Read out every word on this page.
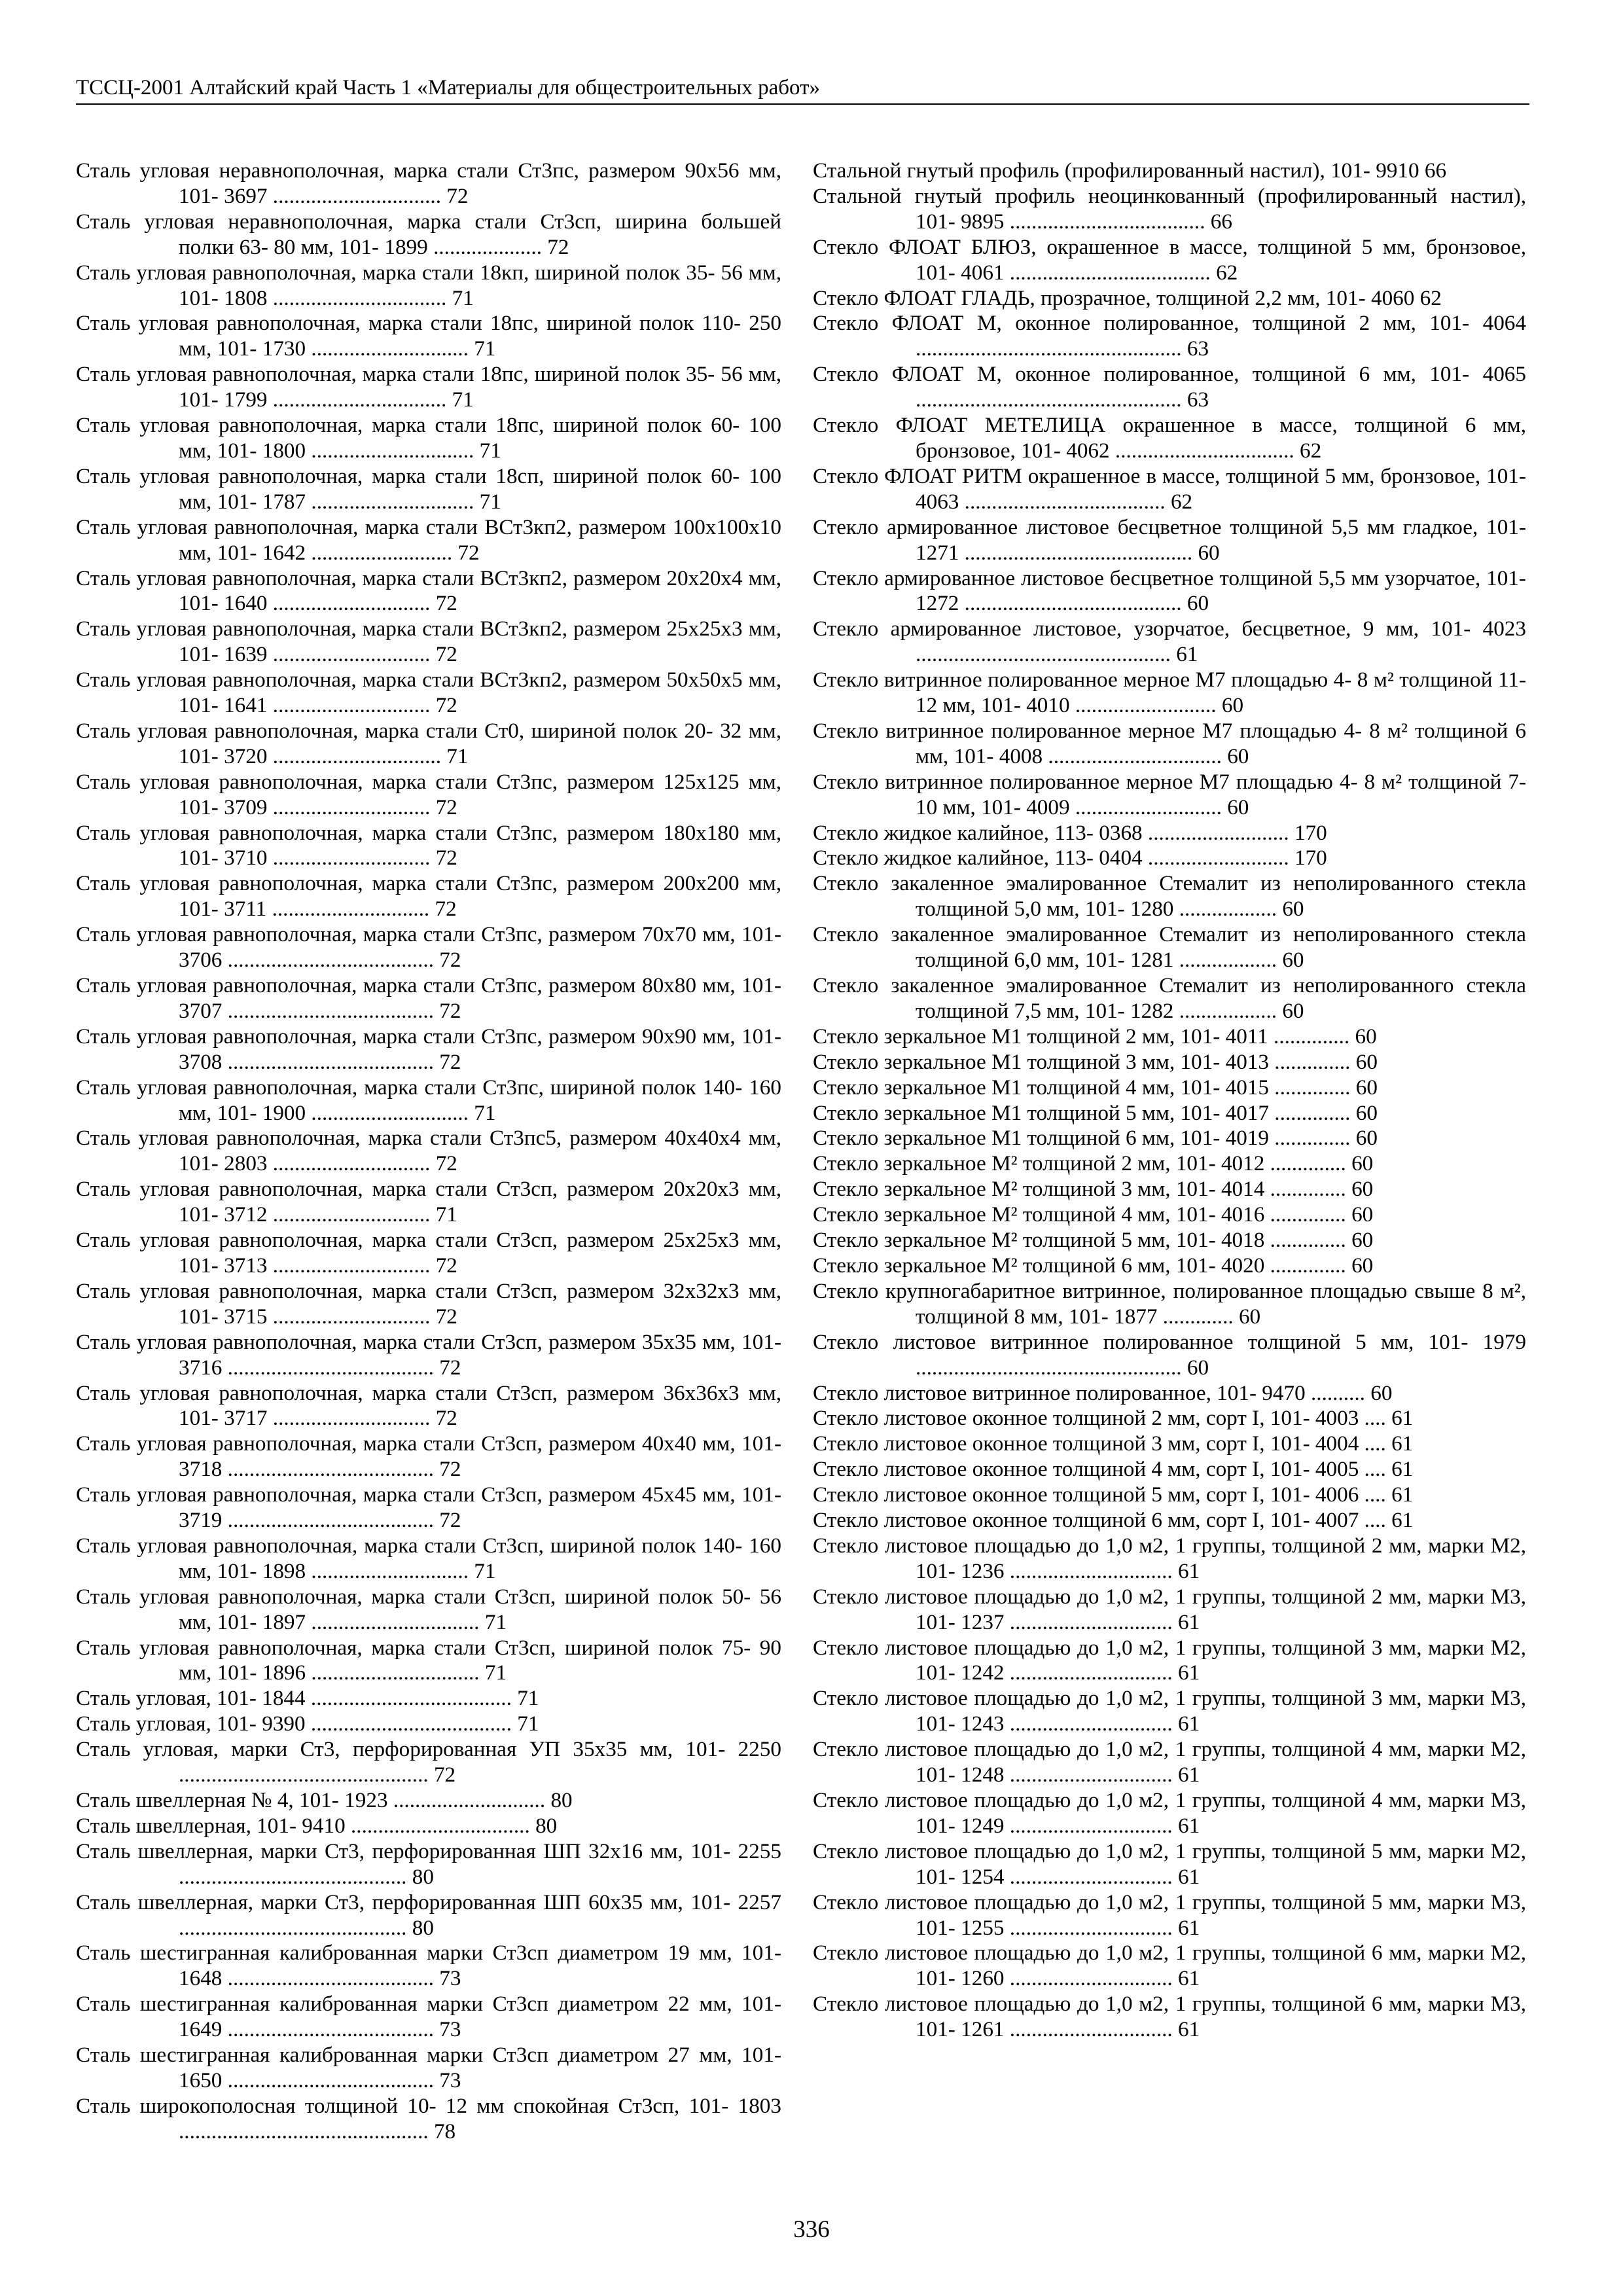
ТССЦ-2001 Алтайский край Часть 1 «Материалы для общестроительных работ»
Сталь угловая неравнополочная, марка стали Ст3пс, размером 90х56 мм, 101- 3697 ............................... 72
Сталь угловая неравнополочная, марка стали Ст3сп, ширина большей полки 63- 80 мм, 101- 1899 .................... 72
Сталь угловая равнополочная, марка стали 18кп, шириной полок 35- 56 мм, 101- 1808 ................................ 71
Сталь угловая равнополочная, марка стали 18пс, шириной полок 110- 250 мм, 101- 1730 ............................. 71
Сталь угловая равнополочная, марка стали 18пс, шириной полок 35- 56 мм, 101- 1799 ................................ 71
Сталь угловая равнополочная, марка стали 18пс, шириной полок 60- 100 мм, 101- 1800 .............................. 71
Сталь угловая равнополочная, марка стали 18сп, шириной полок 60- 100 мм, 101- 1787 .............................. 71
Сталь угловая равнополочная, марка стали ВСт3кп2, размером 100х100х10 мм, 101- 1642 .......................... 72
Сталь угловая равнополочная, марка стали ВСт3кп2, размером 20х20х4 мм, 101- 1640 ............................. 72
Сталь угловая равнополочная, марка стали ВСт3кп2, размером 25х25х3 мм, 101- 1639 ............................. 72
Сталь угловая равнополочная, марка стали ВСт3кп2, размером 50х50х5 мм, 101- 1641 ............................. 72
Сталь угловая равнополочная, марка стали Ст0, шириной полок 20- 32 мм, 101- 3720 ............................... 71
Сталь угловая равнополочная, марка стали Ст3пс, размером 125х125 мм, 101- 3709 ............................. 72
Сталь угловая равнополочная, марка стали Ст3пс, размером 180х180 мм, 101- 3710 ............................. 72
Сталь угловая равнополочная, марка стали Ст3пс, размером 200х200 мм, 101- 3711 ............................. 72
Сталь угловая равнополочная, марка стали Ст3пс, размером 70х70 мм, 101- 3706 ...................................... 72
Сталь угловая равнополочная, марка стали Ст3пс, размером 80х80 мм, 101- 3707 ...................................... 72
Сталь угловая равнополочная, марка стали Ст3пс, размером 90х90 мм, 101- 3708 ...................................... 72
Сталь угловая равнополочная, марка стали Ст3пс, шириной полок 140- 160 мм, 101- 1900 ............................. 71
Сталь угловая равнополочная, марка стали Ст3пс5, размером 40х40х4 мм, 101- 2803 ............................. 72
Сталь угловая равнополочная, марка стали Ст3сп, размером 20х20х3 мм, 101- 3712 ............................. 71
Сталь угловая равнополочная, марка стали Ст3сп, размером 25х25х3 мм, 101- 3713 ............................. 72
Сталь угловая равнополочная, марка стали Ст3сп, размером 32х32х3 мм, 101- 3715 ............................. 72
Сталь угловая равнополочная, марка стали Ст3сп, размером 35х35 мм, 101- 3716 ...................................... 72
Сталь угловая равнополочная, марка стали Ст3сп, размером 36х36х3 мм, 101- 3717 ............................. 72
Сталь угловая равнополочная, марка стали Ст3сп, размером 40х40 мм, 101- 3718 ...................................... 72
Сталь угловая равнополочная, марка стали Ст3сп, размером 45х45 мм, 101- 3719 ...................................... 72
Сталь угловая равнополочная, марка стали Ст3сп, шириной полок 140- 160 мм, 101- 1898 ............................. 71
Сталь угловая равнополочная, марка стали Ст3сп, шириной полок 50- 56 мм, 101- 1897 ............................... 71
Сталь угловая равнополочная, марка стали Ст3сп, шириной полок 75- 90 мм, 101- 1896 ............................... 71
Сталь угловая, 101- 1844 ..................................... 71
Сталь угловая, 101- 9390 ..................................... 71
Сталь угловая, марки Ст3, перфорированная УП 35х35 мм, 101- 2250 .............................................. 72
Сталь швеллерная № 4, 101- 1923 ............................ 80
Сталь швеллерная, 101- 9410 ................................. 80
Сталь швеллерная, марки Ст3, перфорированная ШП 32х16 мм, 101- 2255 .......................................... 80
Сталь швеллерная, марки Ст3, перфорированная ШП 60х35 мм, 101- 2257 .......................................... 80
Сталь шестигранная калиброванная марки Ст3сп диаметром 19 мм, 101- 1648 ...................................... 73
Сталь шестигранная калиброванная марки Ст3сп диаметром 22 мм, 101- 1649 ...................................... 73
Сталь шестигранная калиброванная марки Ст3сп диаметром 27 мм, 101- 1650 ...................................... 73
Сталь широкополосная толщиной 10- 12 мм спокойная Ст3сп, 101- 1803 .............................................. 78
Стальной гнутый профиль (профилированный настил), 101- 9910 66
Стальной гнутый профиль неоцинкованный (профилированный настил), 101- 9895 .................................... 66
Стекло ФЛОАТ БЛЮЗ, окрашенное в массе, толщиной 5 мм, бронзовое, 101- 4061 ..................................... 62
Стекло ФЛОАТ ГЛАДЬ, прозрачное, толщиной 2,2 мм, 101- 4060 62
Стекло ФЛОАТ М, оконное полированное, толщиной 2 мм, 101- 4064 ................................................. 63
Стекло ФЛОАТ М, оконное полированное, толщиной 6 мм, 101- 4065 ................................................. 63
Стекло ФЛОАТ МЕТЕЛИЦА окрашенное в массе, толщиной 6 мм, бронзовое, 101- 4062 ................................. 62
Стекло ФЛОАТ РИТМ окрашенное в массе, толщиной 5 мм, бронзовое, 101- 4063 ..................................... 62
Стекло армированное листовое бесцветное толщиной 5,5 мм гладкое, 101- 1271 .......................................... 60
Стекло армированное листовое бесцветное толщиной 5,5 мм узорчатое, 101- 1272 ........................................ 60
Стекло армированное листовое, узорчатое, бесцветное, 9 мм, 101- 4023 ............................................... 61
Стекло витринное полированное мерное М7 площадью 4- 8 м² толщиной 11- 12 мм, 101- 4010 .......................... 60
Стекло витринное полированное мерное М7 площадью 4- 8 м² толщиной 6 мм, 101- 4008 ................................ 60
Стекло витринное полированное мерное М7 площадью 4- 8 м² толщиной 7- 10 мм, 101- 4009 ........................... 60
Стекло жидкое калийное, 113- 0368 .......................... 170
Стекло жидкое калийное, 113- 0404 .......................... 170
Стекло закаленное эмалированное Стемалит из неполированного стекла толщиной 5,0 мм, 101- 1280 .................. 60
Стекло закаленное эмалированное Стемалит из неполированного стекла толщиной 6,0 мм, 101- 1281 .................. 60
Стекло закаленное эмалированное Стемалит из неполированного стекла толщиной 7,5 мм, 101- 1282 .................. 60
Стекло зеркальное М1 толщиной 2 мм, 101- 4011 .............. 60
Стекло зеркальное М1 толщиной 3 мм, 101- 4013 .............. 60
Стекло зеркальное М1 толщиной 4 мм, 101- 4015 .............. 60
Стекло зеркальное М1 толщиной 5 мм, 101- 4017 .............. 60
Стекло зеркальное М1 толщиной 6 мм, 101- 4019 .............. 60
Стекло зеркальное М² толщиной 2 мм, 101- 4012 .............. 60
Стекло зеркальное М² толщиной 3 мм, 101- 4014 .............. 60
Стекло зеркальное М² толщиной 4 мм, 101- 4016 .............. 60
Стекло зеркальное М² толщиной 5 мм, 101- 4018 .............. 60
Стекло зеркальное М² толщиной 6 мм, 101- 4020 .............. 60
Стекло крупногабаритное витринное, полированное площадью свыше 8 м², толщиной 8 мм, 101- 1877 ............. 60
Стекло листовое витринное полированное толщиной 5 мм, 101- 1979 ................................................. 60
Стекло листовое витринное полированное, 101- 9470 .......... 60
Стекло листовое оконное толщиной 2 мм, сорт I, 101- 4003 .... 61
Стекло листовое оконное толщиной 3 мм, сорт I, 101- 4004 .... 61
Стекло листовое оконное толщиной 4 мм, сорт I, 101- 4005 .... 61
Стекло листовое оконное толщиной 5 мм, сорт I, 101- 4006 .... 61
Стекло листовое оконное толщиной 6 мм, сорт I, 101- 4007 .... 61
Стекло листовое площадью до 1,0 м2, 1 группы, толщиной 2 мм, марки М2, 101- 1236 .............................. 61
Стекло листовое площадью до 1,0 м2, 1 группы, толщиной 2 мм, марки М3, 101- 1237 .............................. 61
Стекло листовое площадью до 1,0 м2, 1 группы, толщиной 3 мм, марки М2, 101- 1242 .............................. 61
Стекло листовое площадью до 1,0 м2, 1 группы, толщиной 3 мм, марки М3, 101- 1243 .............................. 61
Стекло листовое площадью до 1,0 м2, 1 группы, толщиной 4 мм, марки М2, 101- 1248 .............................. 61
Стекло листовое площадью до 1,0 м2, 1 группы, толщиной 4 мм, марки М3, 101- 1249 .............................. 61
Стекло листовое площадью до 1,0 м2, 1 группы, толщиной 5 мм, марки М2, 101- 1254 .............................. 61
Стекло листовое площадью до 1,0 м2, 1 группы, толщиной 5 мм, марки М3, 101- 1255 .............................. 61
Стекло листовое площадью до 1,0 м2, 1 группы, толщиной 6 мм, марки М2, 101- 1260 .............................. 61
Стекло листовое площадью до 1,0 м2, 1 группы, толщиной 6 мм, марки М3, 101- 1261 .............................. 61
336
